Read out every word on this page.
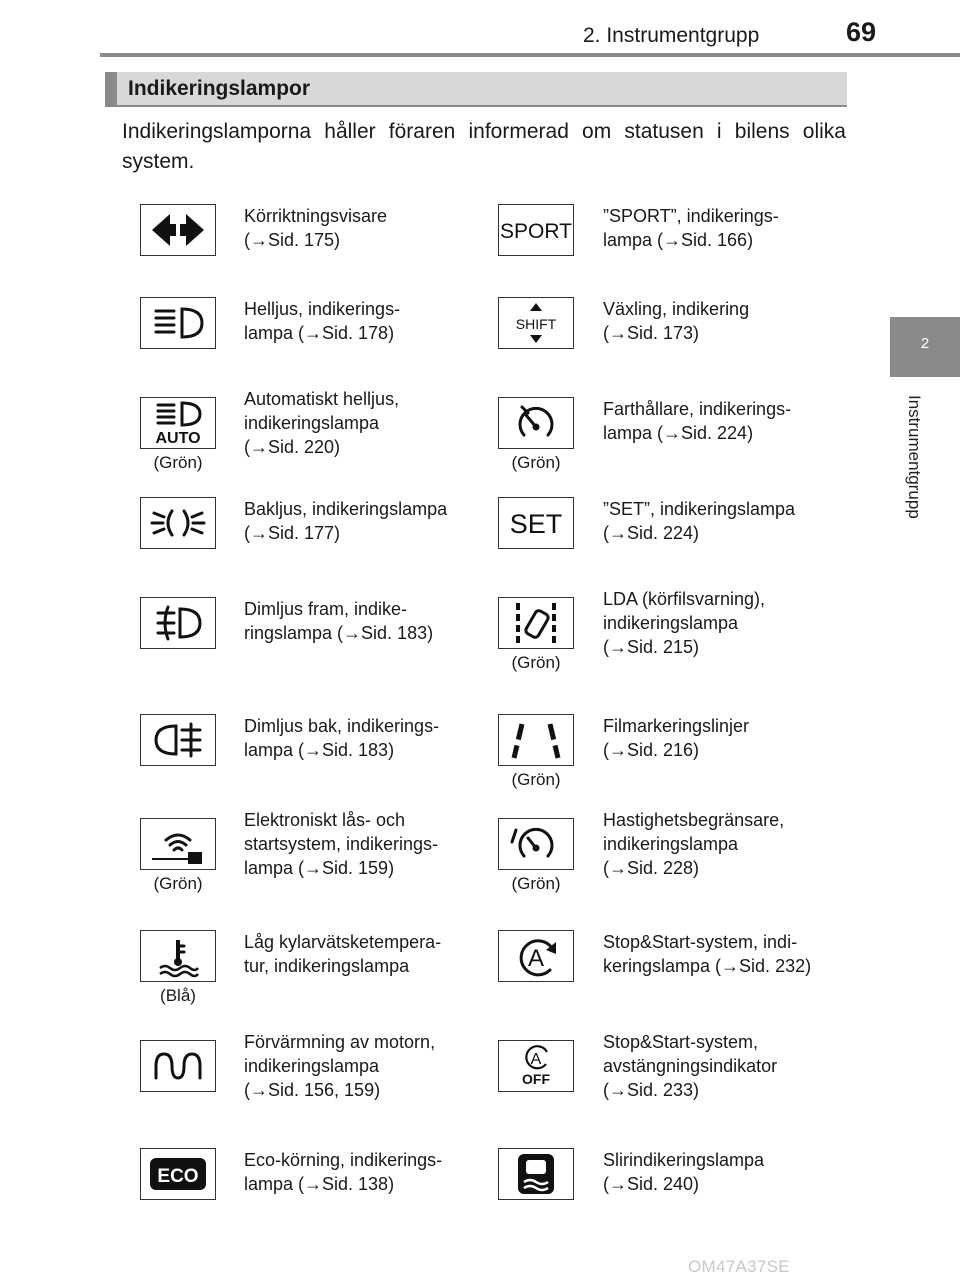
2. Instrumentgrupp	69
2
Instrumentgrupp
Indikeringslampor
Indikeringslamporna håller föraren informerad om statusen i bilens olika system.
Körriktningsvisare
(→Sid. 175)
Helljus, indikerings-
lampa (→Sid. 178)
AUTO
(Grön)
Automatiskt helljus,
indikeringslampa
(→Sid. 220)
Bakljus, indikeringslampa
(→Sid. 177)
Dimljus fram, indike-
ringslampa (→Sid. 183)
Dimljus bak, indikerings-
lampa (→Sid. 183)
(Grön)
Elektroniskt lås- och
startsystem, indikerings-
lampa (→Sid. 159)
(Blå)
Låg kylarvätsketempera-
tur, indikeringslampa
Förvärmning av motorn,
indikeringslampa
(→Sid. 156, 159)
ECO
Eco-körning, indikerings-
lampa (→Sid. 138)
SPORT
”SPORT”, indikerings-
lampa (→Sid. 166)
SHIFT
Växling, indikering
(→Sid. 173)
(Grön)
Farthållare, indikerings-
lampa (→Sid. 224)
SET ”SET”, indikeringslampa
(→Sid. 224)
(Grön)
LDA (körfilsvarning),
indikeringslampa
(→Sid. 215)
(Grön)
Filmarkeringslinjer
(→Sid. 216)
(Grön)
Hastighetsbegränsare,
indikeringslampa
(→Sid. 228)
A
Stop&Start-system, indi-
keringslampa (→Sid. 232)
A
OFF
Stop&Start-system,
avstängningsindikator
(→Sid. 233)
Slirindikeringslampa
(→Sid. 240)
OM47A37SE
